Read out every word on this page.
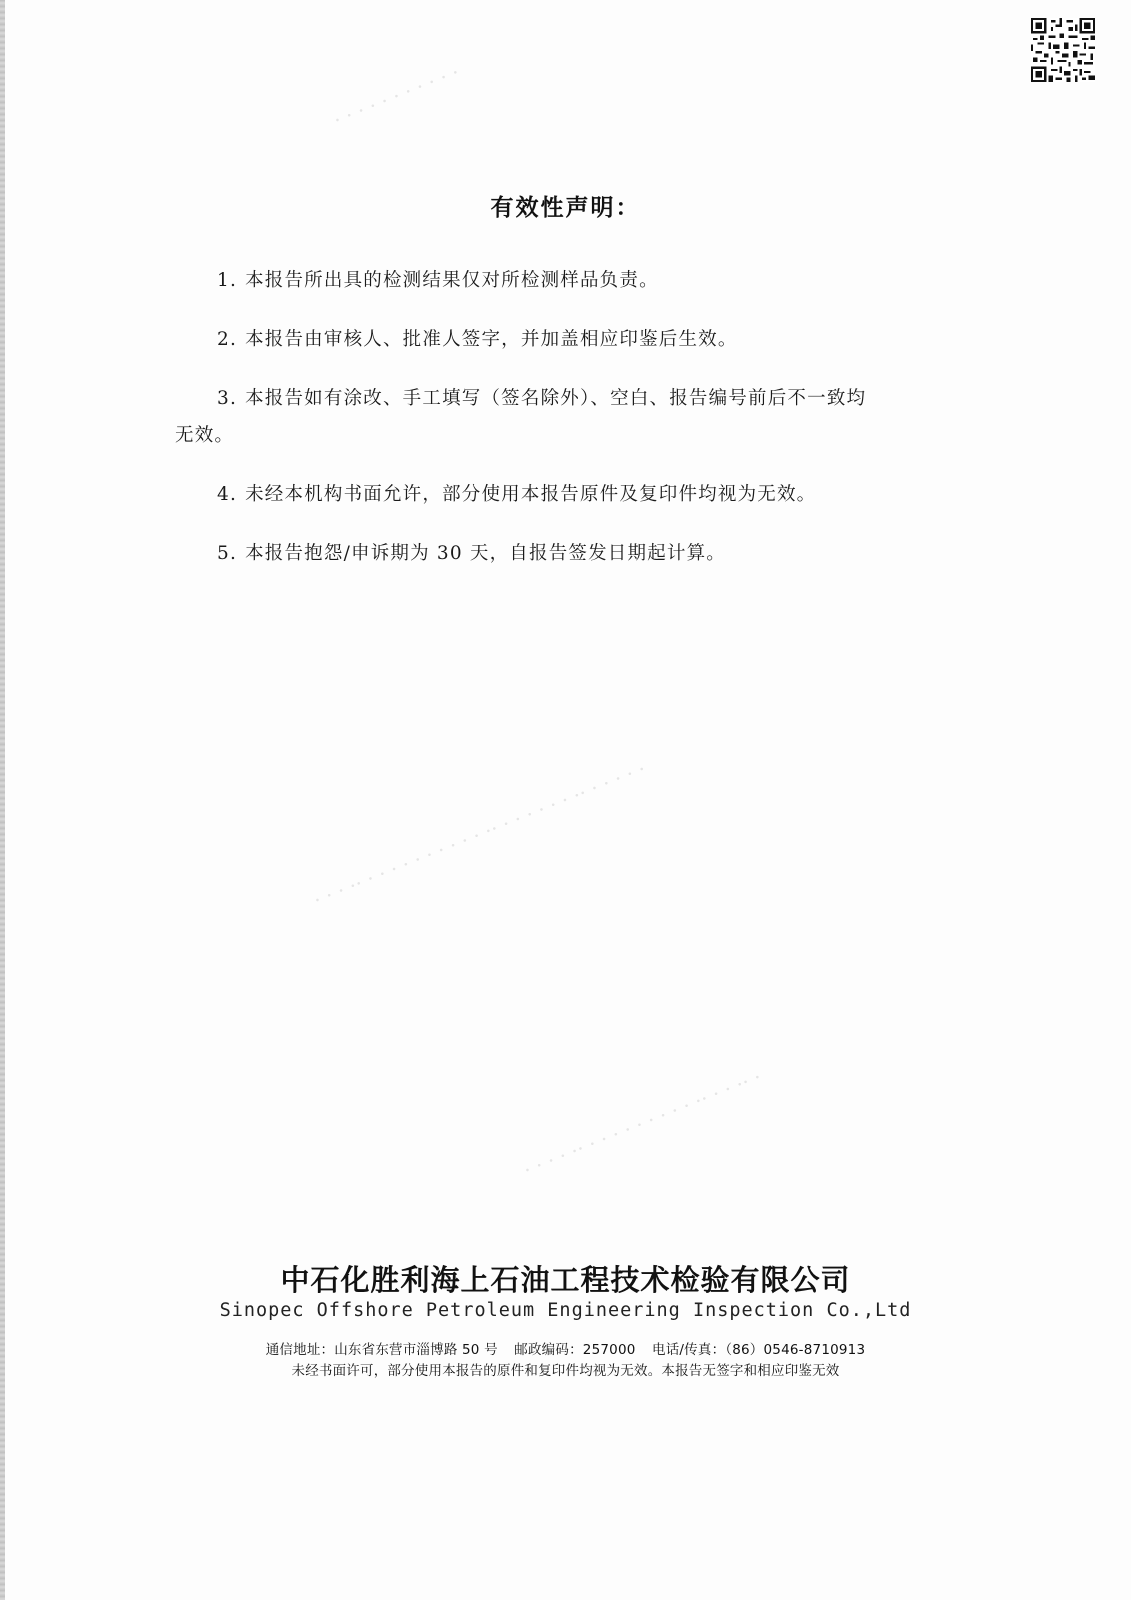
· · · · · · · · · · ·
· · · ·· · · · · · · · · · · ·· · · · · · · ·· · · · · ·
· · · · ·· · · · · · · · · · ·· · · ·· ·
有效性声明：
1. 本报告所出具的检测结果仅对所检测样品负责。
2. 本报告由审核人、批准人签字，并加盖相应印鉴后生效。
3. 本报告如有涂改、手工填写（签名除外）、空白、报告编号前后不一致均
无效。
4. 未经本机构书面允许，部分使用本报告原件及复印件均视为无效。
5. 本报告抱怨/申诉期为 30 天，自报告签发日期起计算。

中石化胜利海上石油工程技术检验有限公司

Sinopec Offshore Petroleum Engineering Inspection Co.,Ltd

通信地址：山东省东营市淄博路 50 号 邮政编码：257000 电话/传真：（86）0546-8710913
未经书面许可，部分使用本报告的原件和复印件均视为无效。本报告无签字和相应印鉴无效
